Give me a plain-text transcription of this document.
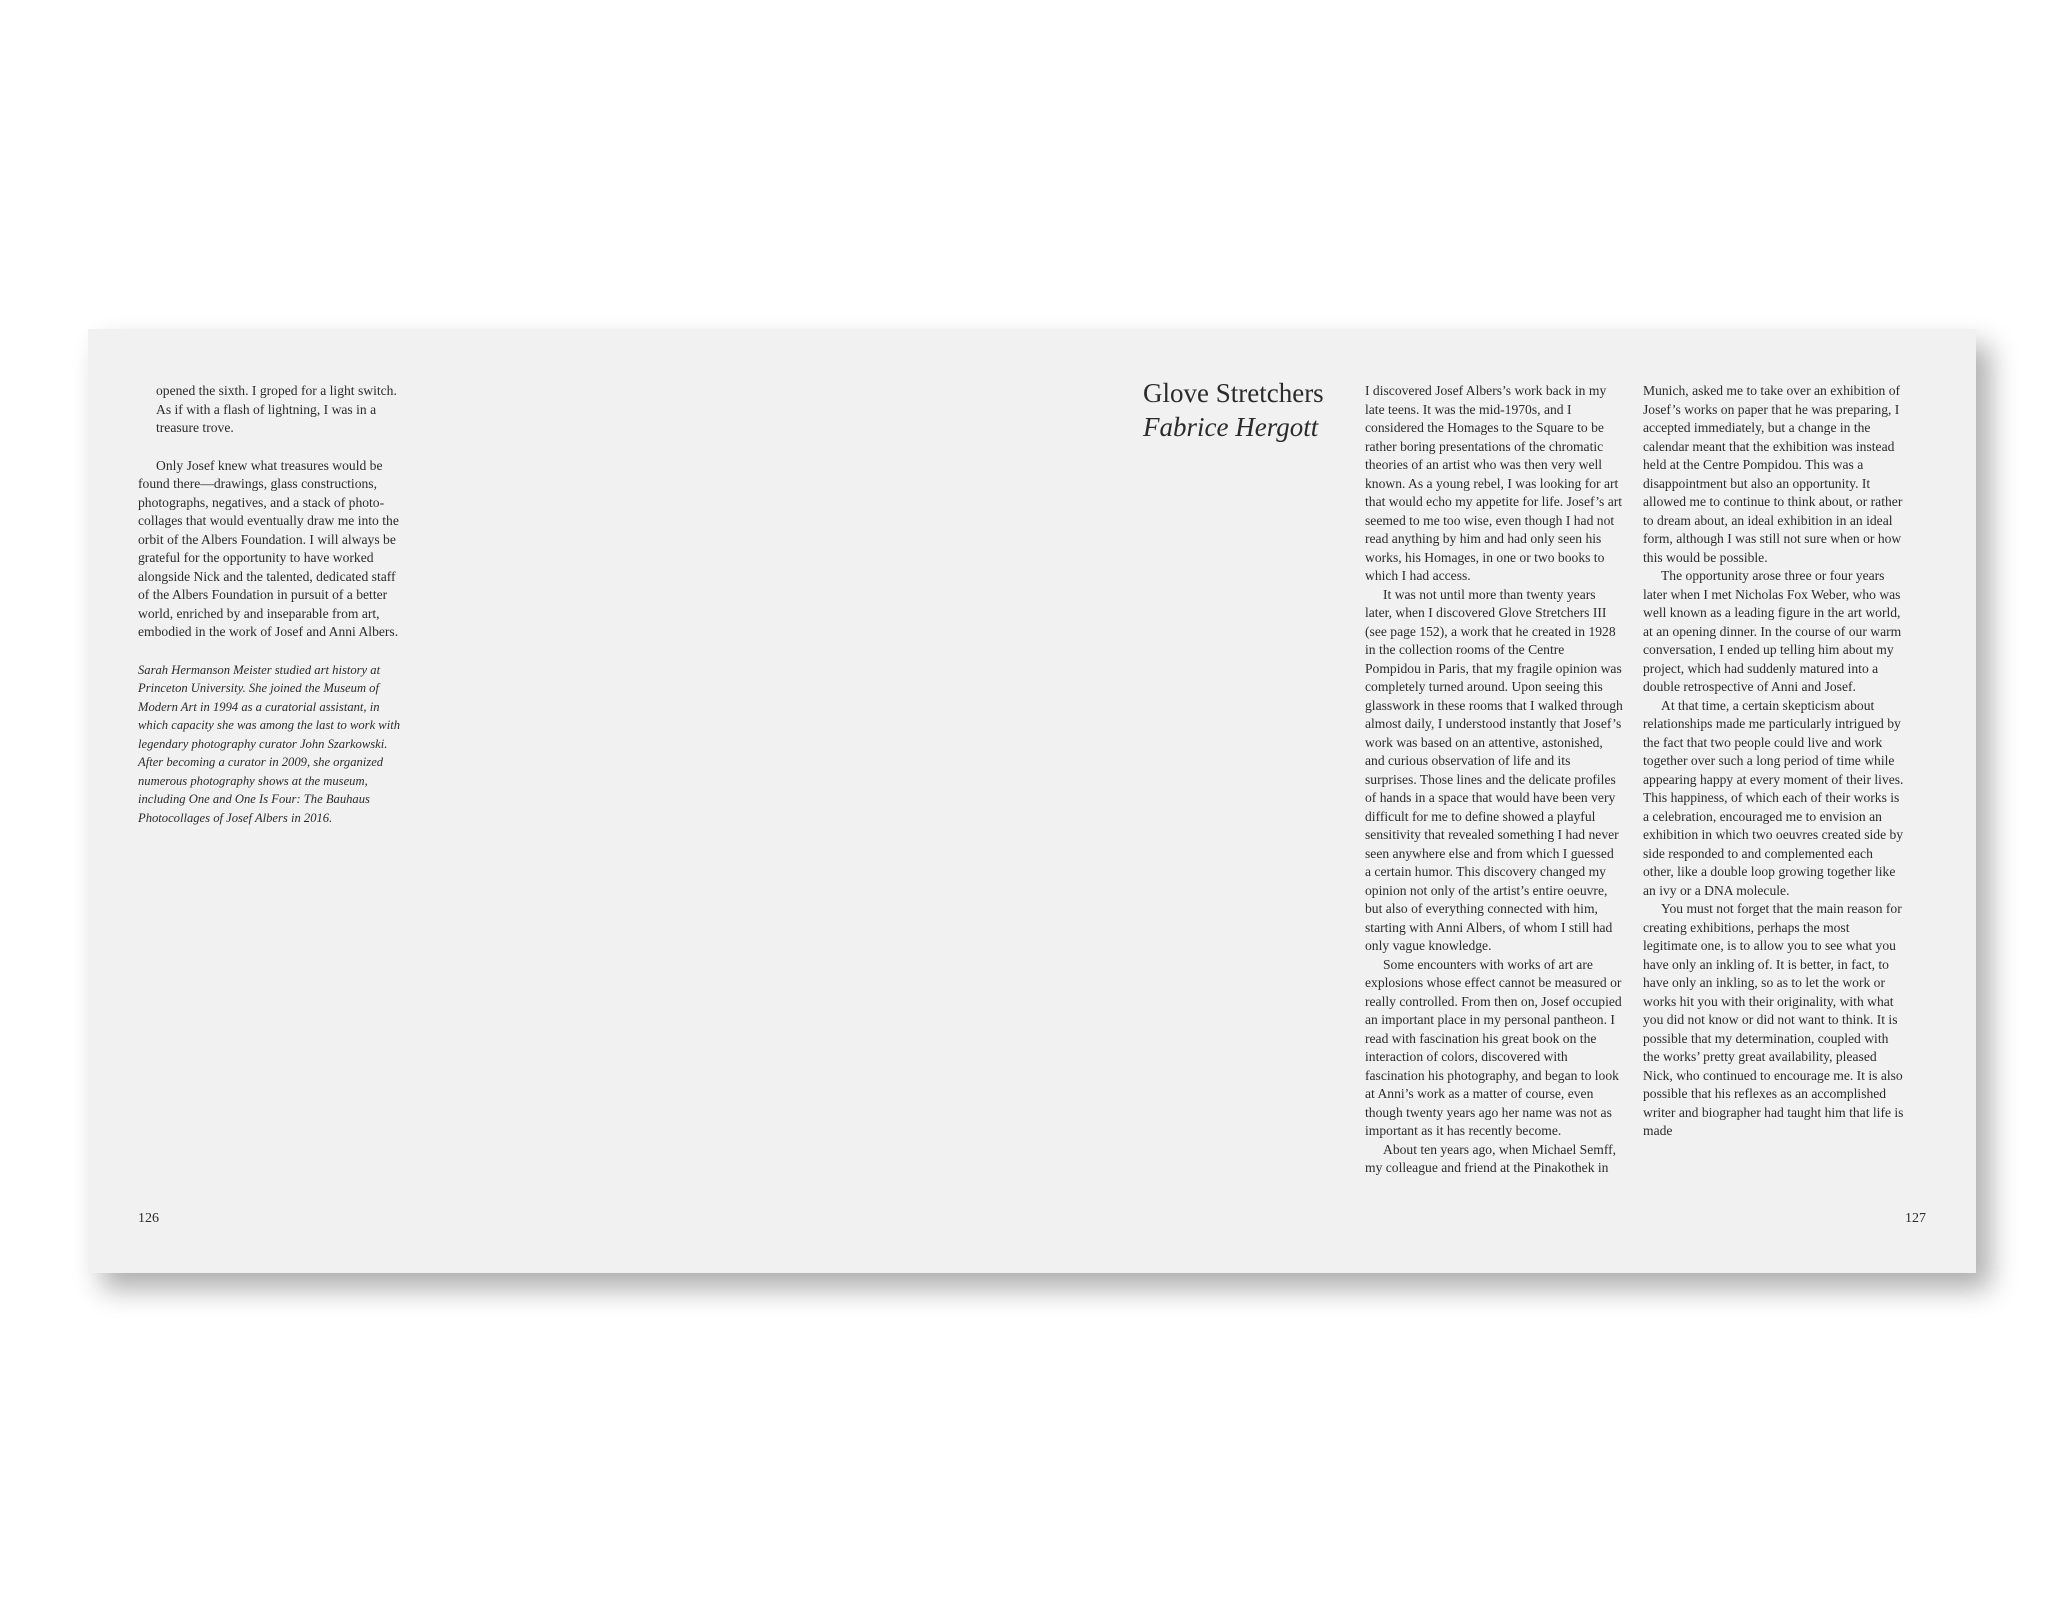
opened the sixth. I groped for a light switch. As if with a flash of lightning, I was in a treasure trove.

Only Josef knew what treasures would be found there—drawings, glass constructions, photographs, negatives, and a stack of photo-collages that would eventually draw me into the orbit of the Albers Foundation. I will always be grateful for the opportunity to have worked alongside Nick and the talented, dedicated staff of the Albers Foundation in pursuit of a better world, enriched by and inseparable from art, embodied in the work of Josef and Anni Albers.

Sarah Hermanson Meister studied art history at Princeton University. She joined the Museum of Modern Art in 1994 as a curatorial assistant, in which capacity she was among the last to work with legendary photography curator John Szarkowski. After becoming a curator in 2009, she organized numerous photography shows at the museum, including One and One Is Four: The Bauhaus Photocollages of Josef Albers in 2016.

126
Glove Stretchers
Fabrice Hergott

I discovered Josef Albers’s work back in my late teens. It was the mid-1970s, and I considered the Homages to the Square to be rather boring presentations of the chromatic theories of an artist who was then very well known. As a young rebel, I was looking for art that would echo my appetite for life. Josef’s art seemed to me too wise, even though I had not read anything by him and had only seen his works, his Homages, in one or two books to which I had access.

It was not until more than twenty years later, when I discovered Glove Stretchers III (see page 152), a work that he created in 1928 in the collection rooms of the Centre Pompidou in Paris, that my fragile opinion was completely turned around. Upon seeing this glasswork in these rooms that I walked through almost daily, I understood instantly that Josef’s work was based on an attentive, astonished, and curious observation of life and its surprises. Those lines and the delicate profiles of hands in a space that would have been very difficult for me to define showed a playful sensitivity that revealed something I had never seen anywhere else and from which I guessed a certain humor. This discovery changed my opinion not only of the artist’s entire oeuvre, but also of everything connected with him, starting with Anni Albers, of whom I still had only vague knowledge.

Some encounters with works of art are explosions whose effect cannot be measured or really controlled. From then on, Josef occupied an important place in my personal pantheon. I read with fascination his great book on the interaction of colors, discovered with fascination his photography, and began to look at Anni’s work as a matter of course, even though twenty years ago her name was not as important as it has recently become.

About ten years ago, when Michael Semff, my colleague and friend at the Pinakothek in

Munich, asked me to take over an exhibition of Josef’s works on paper that he was preparing, I accepted immediately, but a change in the calendar meant that the exhibition was instead held at the Centre Pompidou. This was a disappointment but also an opportunity. It allowed me to continue to think about, or rather to dream about, an ideal exhibition in an ideal form, although I was still not sure when or how this would be possible.

The opportunity arose three or four years later when I met Nicholas Fox Weber, who was well known as a leading figure in the art world, at an opening dinner. In the course of our warm conversation, I ended up telling him about my project, which had suddenly matured into a double retrospective of Anni and Josef.

At that time, a certain skepticism about relationships made me particularly intrigued by the fact that two people could live and work together over such a long period of time while appearing happy at every moment of their lives. This happiness, of which each of their works is a celebration, encouraged me to envision an exhibition in which two oeuvres created side by side responded to and complemented each other, like a double loop growing together like an ivy or a DNA molecule.

You must not forget that the main reason for creating exhibitions, perhaps the most legitimate one, is to allow you to see what you have only an inkling of. It is better, in fact, to have only an inkling, so as to let the work or works hit you with their originality, with what you did not know or did not want to think. It is possible that my determination, coupled with the works’ pretty great availability, pleased Nick, who continued to encourage me. It is also possible that his reflexes as an accomplished writer and biographer had taught him that life is made

127
